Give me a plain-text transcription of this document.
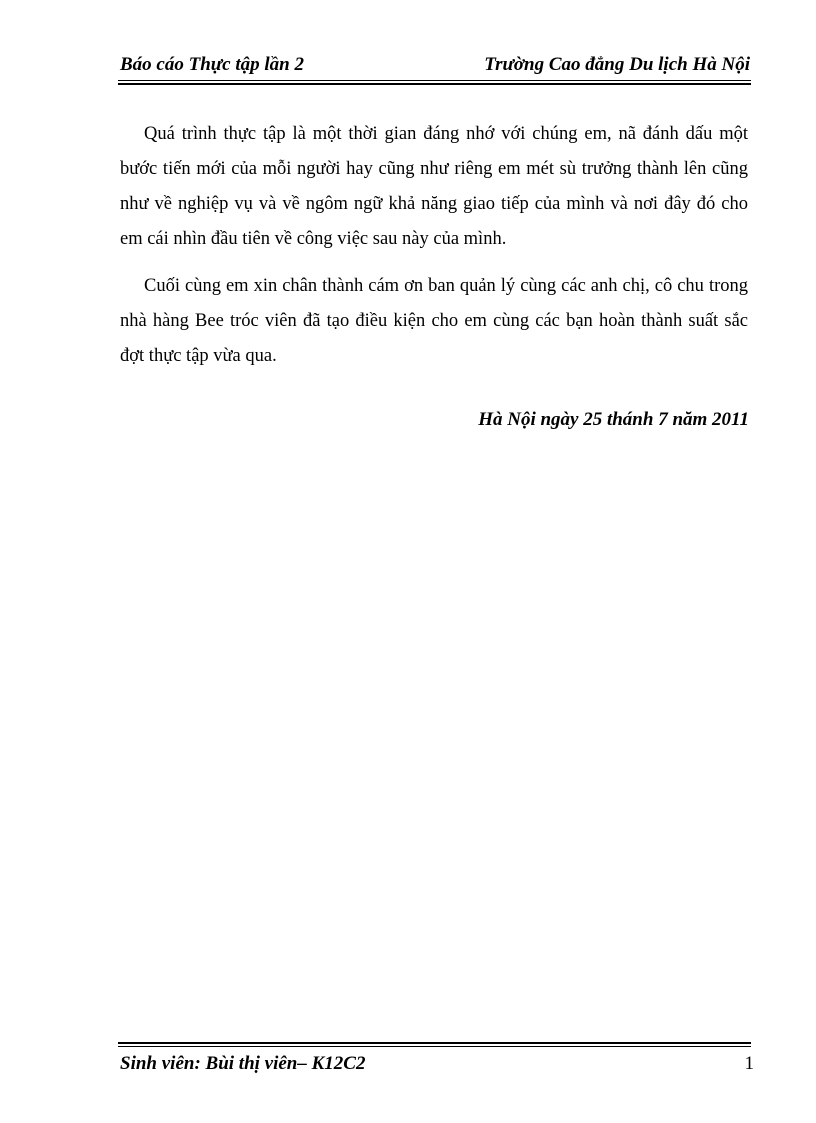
Báo cáo Thực tập lần 2	Trường Cao đẳng Du lịch Hà Nội

Quá trình thực tập là một thời gian đáng nhớ với chúng em, nã đánh dấu một bước tiến mới của mỗi người hay cũng như riêng em mét sù trưởng thành lên cũng như về nghiệp vụ và về ngôm ngữ khả năng giao tiếp của mình và nơi đây đó cho em cái nhìn đầu tiên về công việc sau này của mình.

Cuối cùng em xin chân thành cám ơn ban quản lý cùng các anh chị, cô chu trong nhà hàng Bee tróc viên đã tạo điều kiện cho em cùng các bạn hoàn thành suất sắc đợt thực tập vừa qua.

Hà Nội ngày 25 thánh 7 năm 2011
Sinh viên: Bùi thị viên– K12C2	1
